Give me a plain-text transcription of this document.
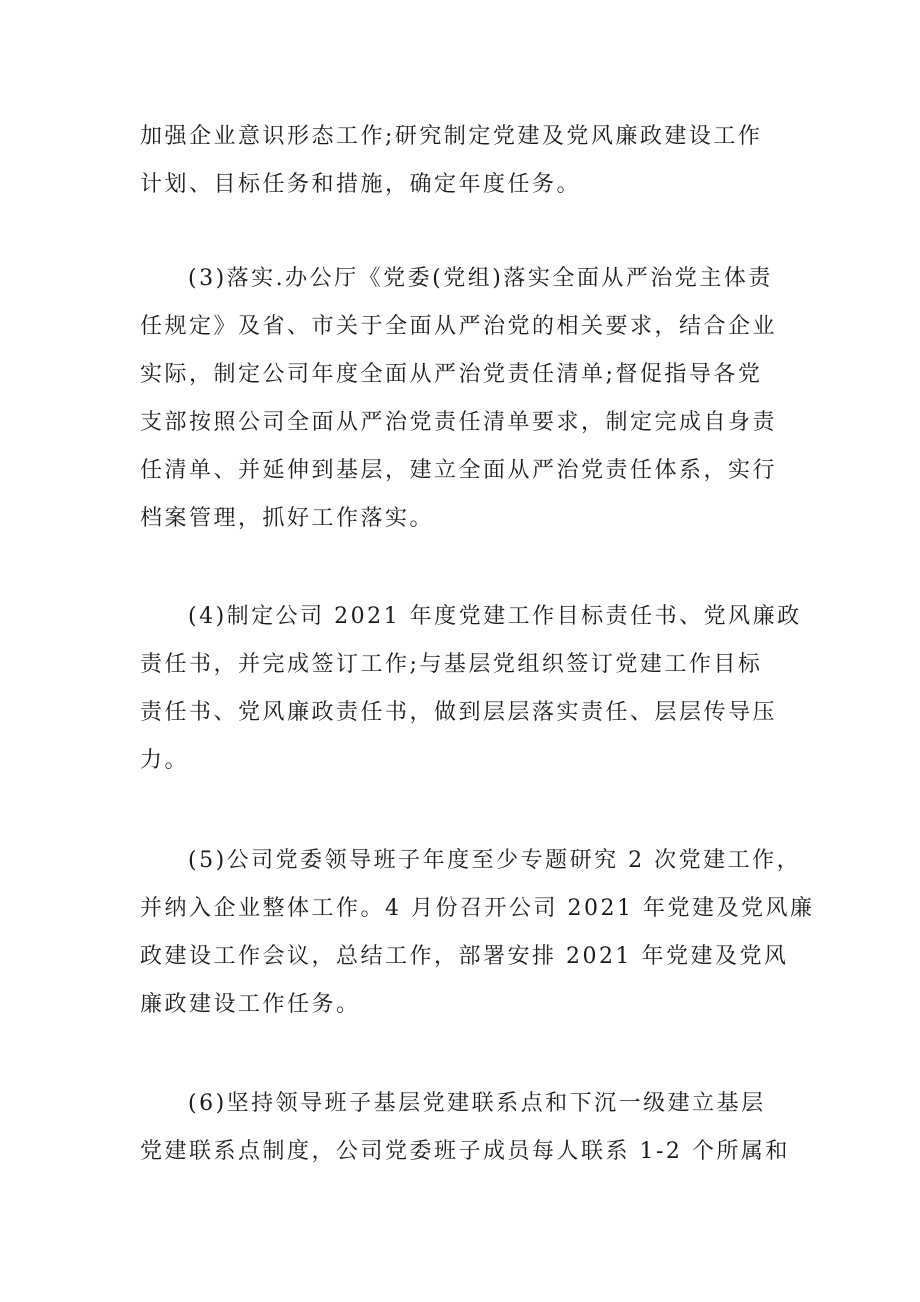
加强企业意识形态工作;研究制定党建及党风廉政建设工作
计划、目标任务和措施，确定年度任务。
(3)落实.办公厅《党委(党组)落实全面从严治党主体责
任规定》及省、市关于全面从严治党的相关要求，结合企业
实际，制定公司年度全面从严治党责任清单;督促指导各党
支部按照公司全面从严治党责任清单要求，制定完成自身责
任清单、并延伸到基层，建立全面从严治党责任体系，实行
档案管理，抓好工作落实。
(4)制定公司 2021 年度党建工作目标责任书、党风廉政
责任书，并完成签订工作;与基层党组织签订党建工作目标
责任书、党风廉政责任书，做到层层落实责任、层层传导压
力。
(5)公司党委领导班子年度至少专题研究 2 次党建工作，
并纳入企业整体工作。4 月份召开公司 2021 年党建及党风廉
政建设工作会议，总结工作，部署安排 2021 年党建及党风
廉政建设工作任务。
(6)坚持领导班子基层党建联系点和下沉一级建立基层
党建联系点制度，公司党委班子成员每人联系 1-2 个所属和
